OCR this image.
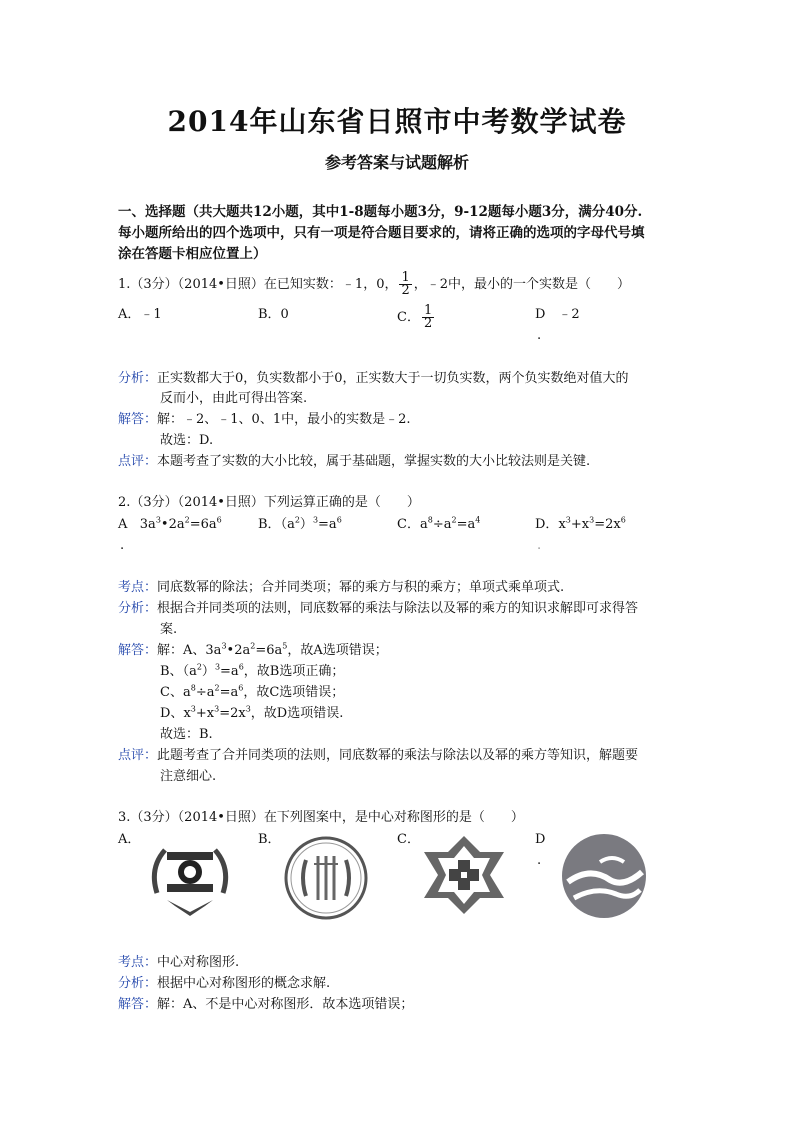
2014年山东省日照市中考数学试卷
参考答案与试题解析
一、选择题（共大题共12小题，其中1-8题每小题3分，9-12题每小题3分，满分40分.
每小题所给出的四个选项中，只有一项是符合题目要求的，请将正确的选项的字母代号填
涂在答题卡相应位置上）
1.（3分）（2014•日照）在已知实数：﹣1，0， $\frac{1}{2}$ ，﹣2中，最小的一个实数是（　　）
A．﹣1	B．0	C． $\frac{1}{2}$	D　﹣2
.
分析：正实数都大于0，负实数都小于0，正实数大于一切负实数，两个负实数绝对值大的
反而小，由此可得出答案.
解答：解：﹣2、﹣1、0、1中，最小的实数是﹣2.
故选：D.
点评：本题考查了实数的大小比较，属于基础题，掌握实数的大小比较法则是关键.
2.（3分）（2014•日照）下列运算正确的是（　　）
A   $3a^3•2a^2=6a^6$
.
B．$(a^2)^3=a^6$	C．$a^8\div a^2=a^4$	D．$x^3+x^3=2x^6$
.
考点：同底数幂的除法；合并同类项；幂的乘方与积的乘方；单项式乘单项式.
分析：根据合并同类项的法则，同底数幂的乘法与除法以及幂的乘方的知识求解即可求得答
案.
解答：解：A、$3a^3•2a^2=6a^5$，故A选项错误；
B、$(a^2)^3=a^6$，故B选项正确；
C、$a^8\div a^2=a^6$，故C选项错误；
D、$x^3+x^3=2x^3$，故D选项错误.
故选：B.
点评：此题考查了合并同类项的法则，同底数幂的乘法与除法以及幂的乘方等知识，解题要
注意细心.
3.（3分）（2014•日照）在下列图案中，是中心对称图形的是（　　）
A．	B．	C．	D
.
考点：中心对称图形.
分析：根据中心对称图形的概念求解.
解答：解：A、不是中心对称图形．故本选项错误；
